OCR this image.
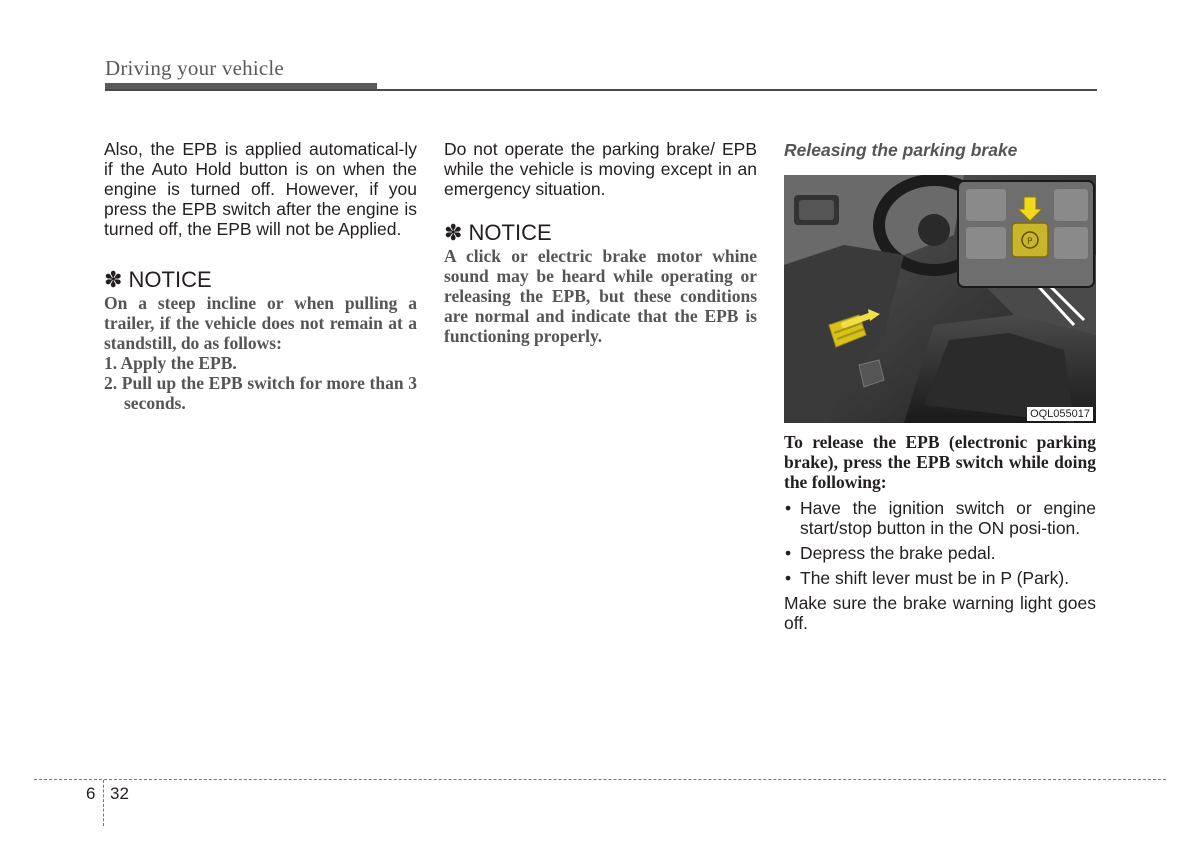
Driving your vehicle

Also, the EPB is applied automatical-ly if the Auto Hold button is on when the engine is turned off. However, if you press the EPB switch after the engine is turned off, the EPB will not be Applied.

✽ NOTICE

On a steep incline or when pulling a trailer, if the vehicle does not remain at a standstill, do as follows:

1. Apply the EPB.
2. Pull up the EPB switch for more than 3 seconds.

Do not operate the parking brake/ EPB while the vehicle is moving except in an emergency situation.

✽ NOTICE

A click or electric brake motor whine sound may be heard while operating or releasing the EPB, but these conditions are normal and indicate that the EPB is functioning properly.

Releasing the parking brake
P
OQL055017

To release the EPB (electronic parking brake), press the EPB switch while doing the following:

• Have the ignition switch or engine start/stop button in the ON posi-tion.
• Depress the brake pedal.
• The shift lever must be in P (Park).

Make sure the brake warning light goes off.

6 32
